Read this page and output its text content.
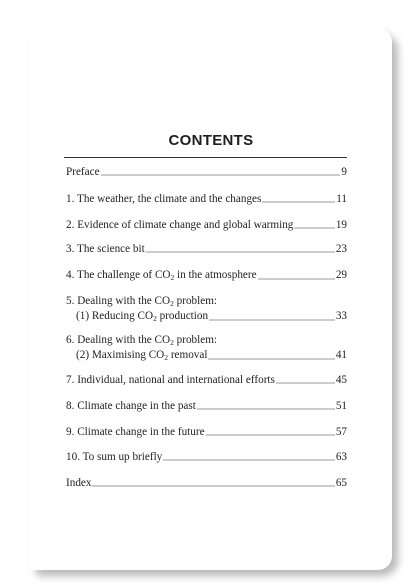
CONTENTS
Preface	9
1. The weather, the climate and the changes	11
2. Evidence of climate change and global warming	19
3. The science bit	23
4. The challenge of $CO_2$ in the atmosphere	29
5. Dealing with the $CO_2$ problem:
(1) Reducing $CO_2$ production	33
6. Dealing with the $CO_2$ problem:
(2) Maximising $CO_2$ removal	41
7. Individual, national and international efforts	45
8. Climate change in the past	51
9. Climate change in the future	57
10. To sum up briefly	63
Index	65
